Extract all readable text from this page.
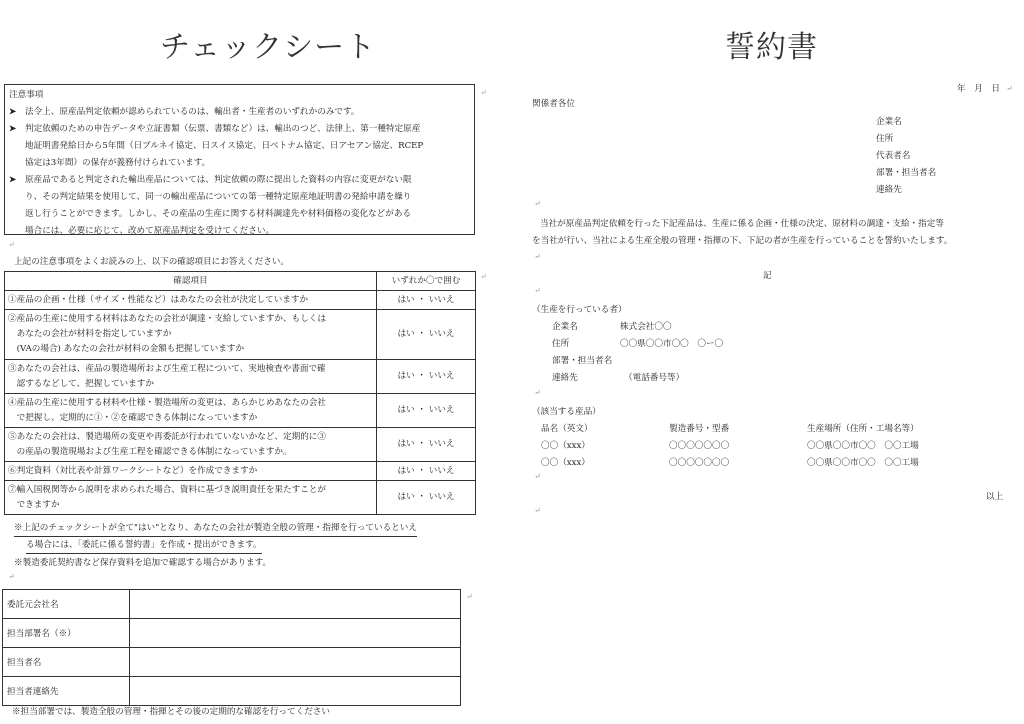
チェックシート	誓約書
注意事項
➤ 法令上、原産品判定依頼が認められているのは、輸出者・生産者のいずれかのみです。
➤ 判定依頼のための申告データや立証書類（伝票、書類など）は、輸出のつど、法律上、第一種特定原産
地証明書発給日から5年間（日ブルネイ協定、日スイス協定、日ベトナム協定、日アセアン協定、RCEP
協定は3年間）の保存が義務付けられています。
➤ 原産品であると判定された輸出産品については、判定依頼の際に提出した資料の内容に変更がない限
り、その判定結果を使用して、同一の輸出産品についての第一種特定原産地証明書の発給申請を繰り
返し行うことができます。しかし、その産品の生産に関する材料調達先や材料価格の変化などがある
場合には、必要に応じて、改めて原産品判定を受けてください。
上記の注意事項をよくお読みの上、以下の確認項目にお答えください。
確認項目	いずれか〇で囲む

①産品の企画・仕様（サイズ・性能など）はあなたの会社が決定していますか	はい ・ いいえ

②産品の生産に使用する材料はあなたの会社が調達・支給していますか、もしくは
　あなたの会社が材料を指定していますか
　(VAの場合) あなたの会社が材料の金額も把握していますか	はい ・ いいえ

③あなたの会社は、産品の製造場所および生産工程について、実地検査や書面で確
　認するなどして、把握していますか	はい ・ いいえ

④産品の生産に使用する材料や仕様・製造場所の変更は、あらかじめあなたの会社
　で把握し、定期的に①・②を確認できる体制になっていますか	はい ・ いいえ

⑤あなたの会社は、製造場所の変更や再委託が行われていないかなど、定期的に③
　の産品の製造現場および生産工程を確認できる体制になっていますか。	はい ・ いいえ

⑥判定資料（対比表や計算ワークシートなど）を作成できますか	はい ・ いいえ

⑦輸入国税関等から説明を求められた場合、資料に基づき説明責任を果たすことが
　できますか	はい ・ いいえ
※上記のチェックシートが全て"はい"となり、あなたの会社が製造全般の管理・指揮を行っているといえ
る場合には、「委託に係る誓約書」を作成・提出ができます。
※製造委託契約書など保存資料を追加で確認する場合があります。
委託元会社名	
担当部署名（※）	
担当者名	
担当者連絡先	
※担当部署では、製造全般の管理・指揮とその後の定期的な確認を行ってください
年　月　日
関係者各位
企業名
住所
代表者名
部署・担当者名
連絡先
当社が原産品判定依頼を行った下記産品は、生産に係る企画・仕様の決定、原材料の調達・支給・指定等
を当社が行い、当社による生産全般の管理・指揮の下、下記の者が生産を行っていることを誓約いたします。
記
（生産を行っている者）
企業名	株式会社〇〇
住所	〇〇県〇〇市〇〇　〇ー〇
部署・担当者名
連絡先	（電話番号等）
（該当する産品）
品名（英文）	製造番号・型番	生産場所（住所・工場名等）
〇〇（xxx）	〇〇〇〇〇〇〇	〇〇県〇〇市〇〇　〇〇工場
〇〇（xxx）	〇〇〇〇〇〇〇	〇〇県〇〇市〇〇　〇〇工場
以上
↵
↵
↵
↵
↵
↵
↵
↵
↵
↵
↵
↵
